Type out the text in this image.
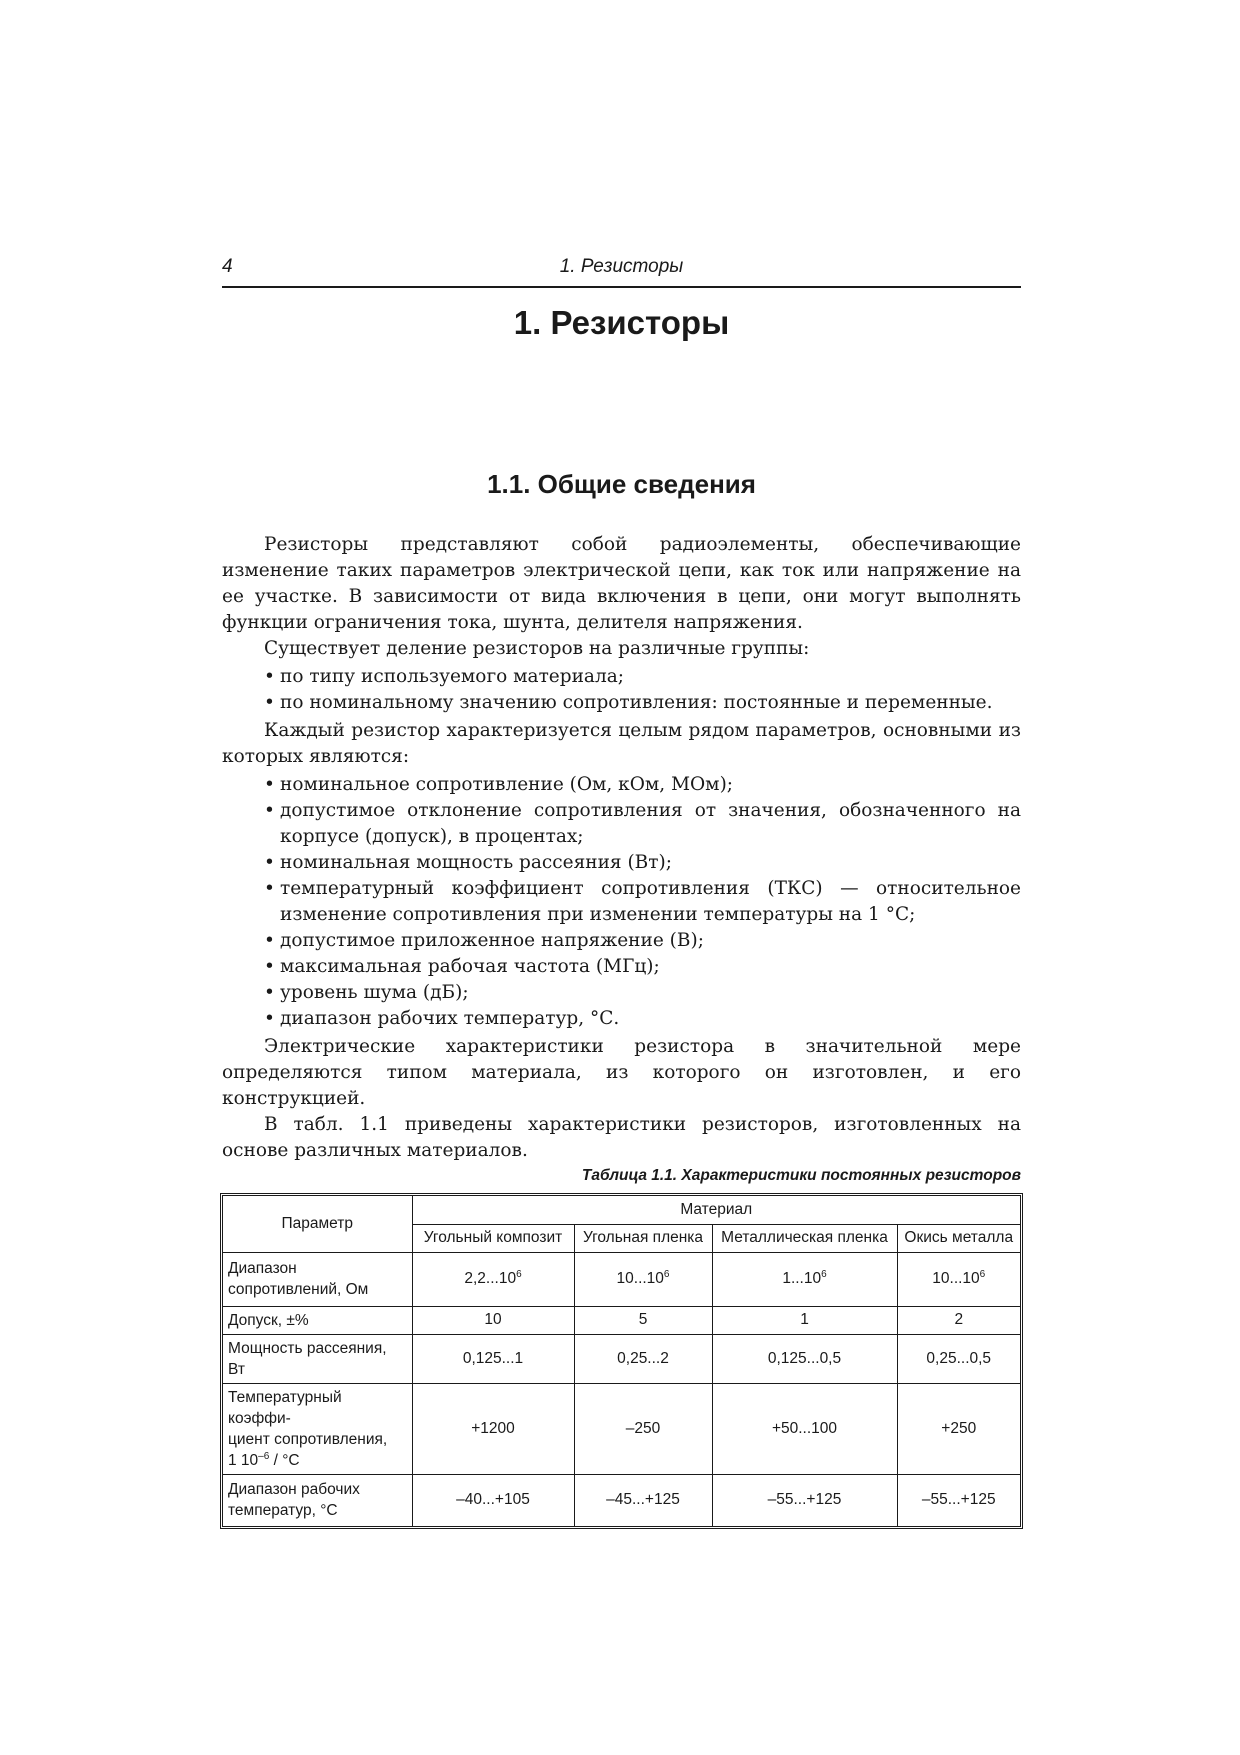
4	1. Резисторы
1. Резисторы
1.1. Общие сведения

Резисторы представляют собой радиоэлементы, обеспечивающие изменение таких параметров электрической цепи, как ток или напряжение на ее участке. В зависимости от вида включения в цепи, они могут выполнять функции ограничения тока, шунта, делителя напряжения.

Существует деление резисторов на различные группы:

• по типу используемого материала;
• по номинальному значению сопротивления: постоянные и переменные.

Каждый резистор характеризуется целым рядом параметров, основными из которых являются:

• номинальное сопротивление (Ом, кОм, МОм);
• допустимое отклонение сопротивления от значения, обозначенного на корпусе (допуск), в процентах;
• номинальная мощность рассеяния (Вт);
• температурный коэффициент сопротивления (ТКС) — относительное изменение сопротивления при изменении температуры на 1 °С;
• допустимое приложенное напряжение (В);
• максимальная рабочая частота (МГц);
• уровень шума (дБ);
• диапазон рабочих температур, °С.

Электрические характеристики резистора в значительной мере определяются типом материала, из которого он изготовлен, и его конструкцией.

В табл. 1.1 приведены характеристики резисторов, изготовленных на основе различных материалов.

Таблица 1.1. Характеристики постоянных резисторов
Параметр	Материал			
	Угольный композит	Угольная пленка	Металлическая пленка	Окись металла
Диапазон
сопротивлений, Ом	2,2...10$^6$	10...10$^6$	1...10$^6$	10...10$^6$
Допуск, ±%	10	5	1	2
Мощность рассеяния, Вт	0,125...1	0,25...2	0,125...0,5	0,25...0,5
Температурный коэффи-
циент сопротивления,
1 $10^{-6} / ^\circ С$	+1200	–250	+50...100	+250
Диапазон рабочих
температур, °С	–40...+105	–45...+125	–55...+125	–55...+125
